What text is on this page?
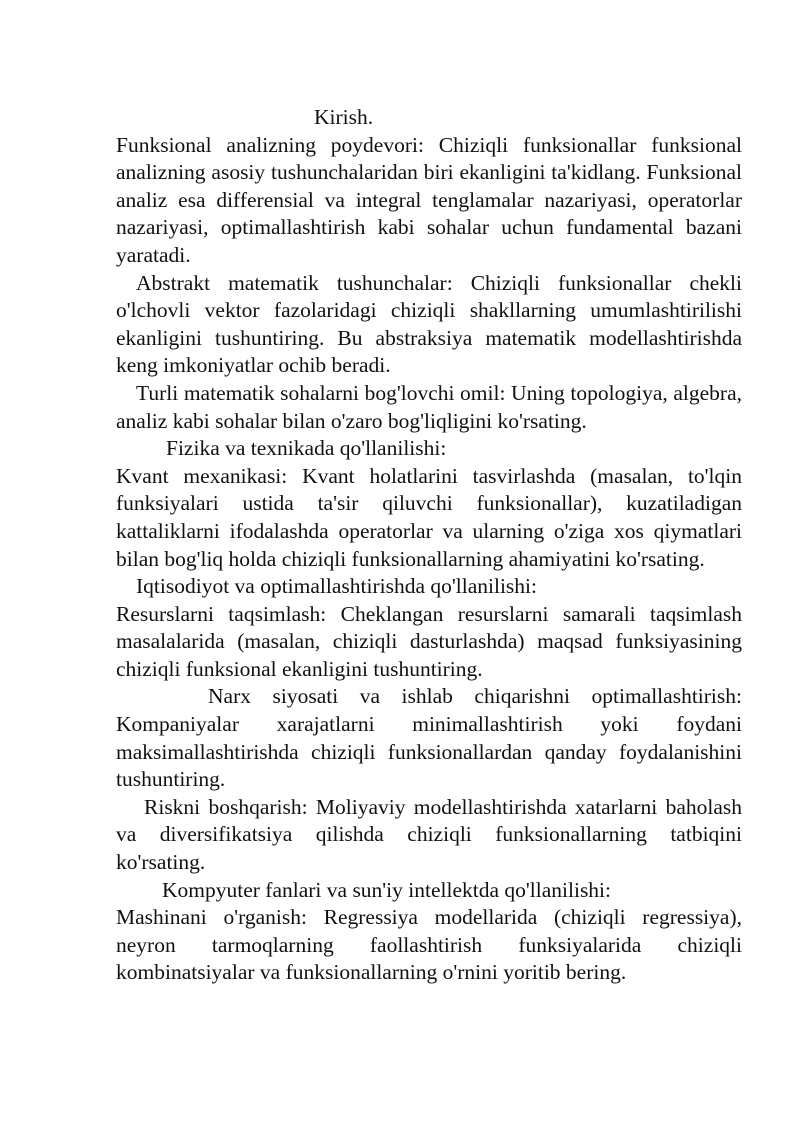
Kirish.

Funksional analizning poydevori: Chiziqli funksionallar funksional analizning asosiy tushunchalaridan biri ekanligini ta'kidlang. Funksional analiz esa differensial va integral tenglamalar nazariyasi, operatorlar nazariyasi, optimallashtirish kabi sohalar uchun fundamental bazani yaratadi.

Abstrakt matematik tushunchalar: Chiziqli funksionallar chekli o'lchovli vektor fazolaridagi chiziqli shakllarning umumlashtirilishi ekanligini tushuntiring. Bu abstraksiya matematik modellashtirishda keng imkoniyatlar ochib beradi.

Turli matematik sohalarni bog'lovchi omil: Uning topologiya, algebra, analiz kabi sohalar bilan o'zaro bog'liqligini ko'rsating.

Fizika va texnikada qo'llanilishi:

Kvant mexanikasi: Kvant holatlarini tasvirlashda (masalan, to'lqin funksiyalari ustida ta'sir qiluvchi funksionallar), kuzatiladigan kattaliklarni ifodalashda operatorlar va ularning o'ziga xos qiymatlari bilan bog'liq holda chiziqli funksionallarning ahamiyatini ko'rsating.

Iqtisodiyot va optimallashtirishda qo'llanilishi:

Resurslarni taqsimlash: Cheklangan resurslarni samarali taqsimlash masalalarida (masalan, chiziqli dasturlashda) maqsad funksiyasining chiziqli funksional ekanligini tushuntiring.

Narx siyosati va ishlab chiqarishni optimallashtirish: Kompaniyalar xarajatlarni minimallashtirish yoki foydani maksimallashtirishda chiziqli funksionallardan qanday foydalanishini tushuntiring.

Riskni boshqarish: Moliyaviy modellashtirishda xatarlarni baholash va diversifikatsiya qilishda chiziqli funksionallarning tatbiqini ko'rsating.

Kompyuter fanlari va sun'iy intellektda qo'llanilishi:

Mashinani o'rganish: Regressiya modellarida (chiziqli regressiya), neyron tarmoqlarning faollashtirish funksiyalarida chiziqli kombinatsiyalar va funksionallarning o'rnini yoritib bering.
